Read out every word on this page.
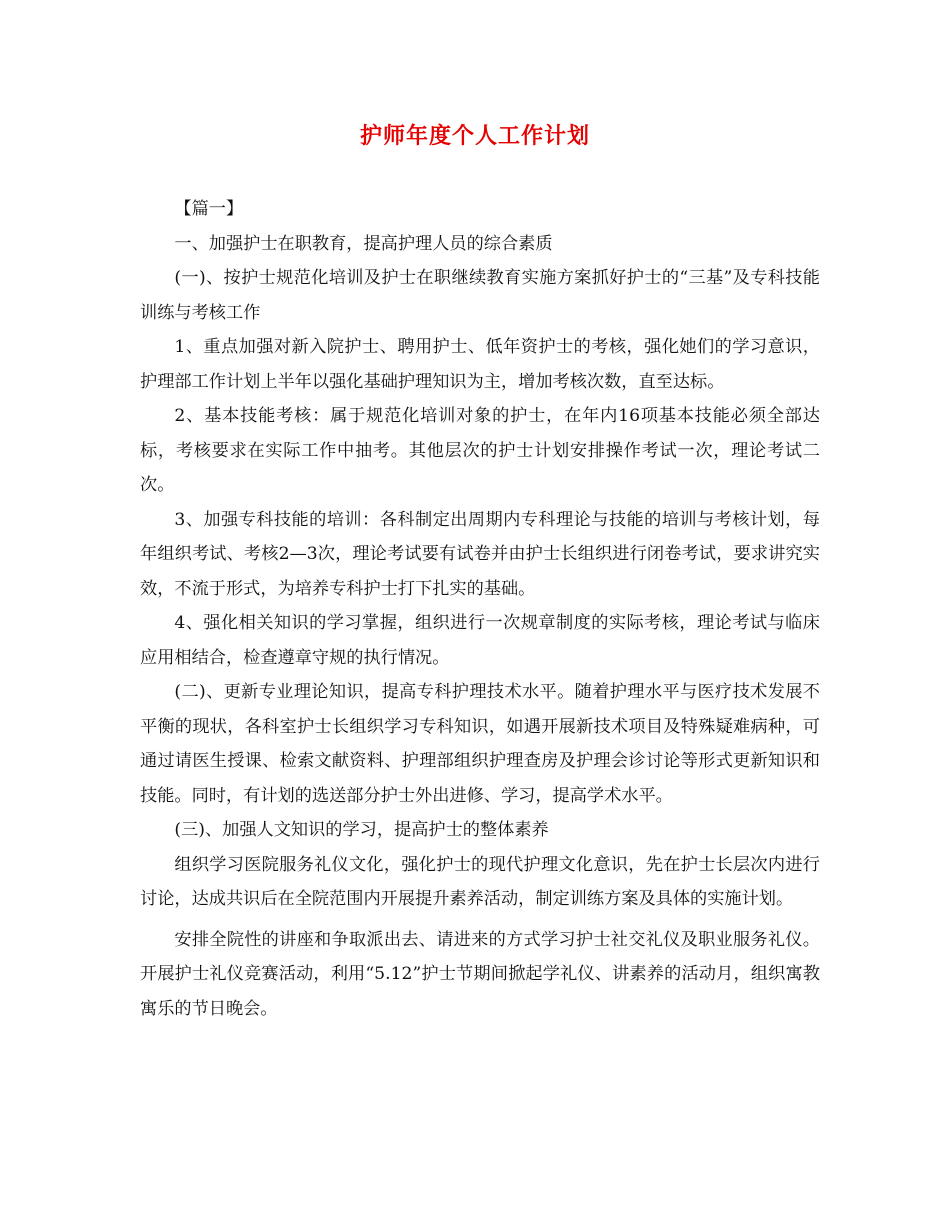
护师年度个人工作计划

【篇一】

一、加强护士在职教育，提高护理人员的综合素质

(一)、按护士规范化培训及护士在职继续教育实施方案抓好护士的“三基”及专科技能训练与考核工作

1、重点加强对新入院护士、聘用护士、低年资护士的考核，强化她们的学习意识，护理部工作计划上半年以强化基础护理知识为主，增加考核次数，直至达标。

2、基本技能考核：属于规范化培训对象的护士，在年内16项基本技能必须全部达标，考核要求在实际工作中抽考。其他层次的护士计划安排操作考试一次，理论考试二次。

3、加强专科技能的培训：各科制定出周期内专科理论与技能的培训与考核计划，每年组织考试、考核2—3次，理论考试要有试卷并由护士长组织进行闭卷考试，要求讲究实效，不流于形式，为培养专科护士打下扎实的基础。

4、强化相关知识的学习掌握，组织进行一次规章制度的实际考核，理论考试与临床应用相结合，检查遵章守规的执行情况。

(二)、更新专业理论知识，提高专科护理技术水平。随着护理水平与医疗技术发展不平衡的现状，各科室护士长组织学习专科知识，如遇开展新技术项目及特殊疑难病种，可通过请医生授课、检索文献资料、护理部组织护理查房及护理会诊讨论等形式更新知识和技能。同时，有计划的选送部分护士外出进修、学习，提高学术水平。

(三)、加强人文知识的学习，提高护士的整体素养

组织学习医院服务礼仪文化，强化护士的现代护理文化意识，先在护士长层次内进行讨论，达成共识后在全院范围内开展提升素养活动，制定训练方案及具体的实施计划。

安排全院性的讲座和争取派出去、请进来的方式学习护士社交礼仪及职业服务礼仪。开展护士礼仪竞赛活动，利用“5.12”护士节期间掀起学礼仪、讲素养的活动月，组织寓教寓乐的节日晚会。
